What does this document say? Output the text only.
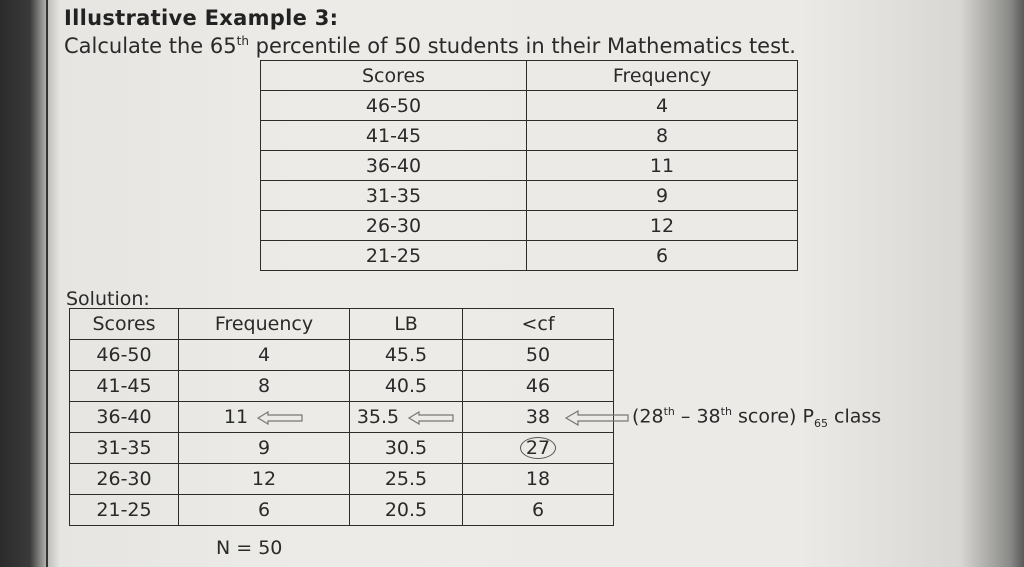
Illustrative Example 3:
Calculate the 65th percentile of 50 students in their Mathematics test.
Scores	Frequency
46-50	4
41-45	8
36-40	11
31-35	9
26-30	12
21-25	6
Solution:
Scores	Frequency	LB	<cf
46-50	4	45.5	50
41-45	8	40.5	46
36-40	11	35.5	38
31-35	9	30.5	27
26-30	12	25.5	18
21-25	6	20.5	6
(28th – 38th score) $P_{65}$ class
N = 50
